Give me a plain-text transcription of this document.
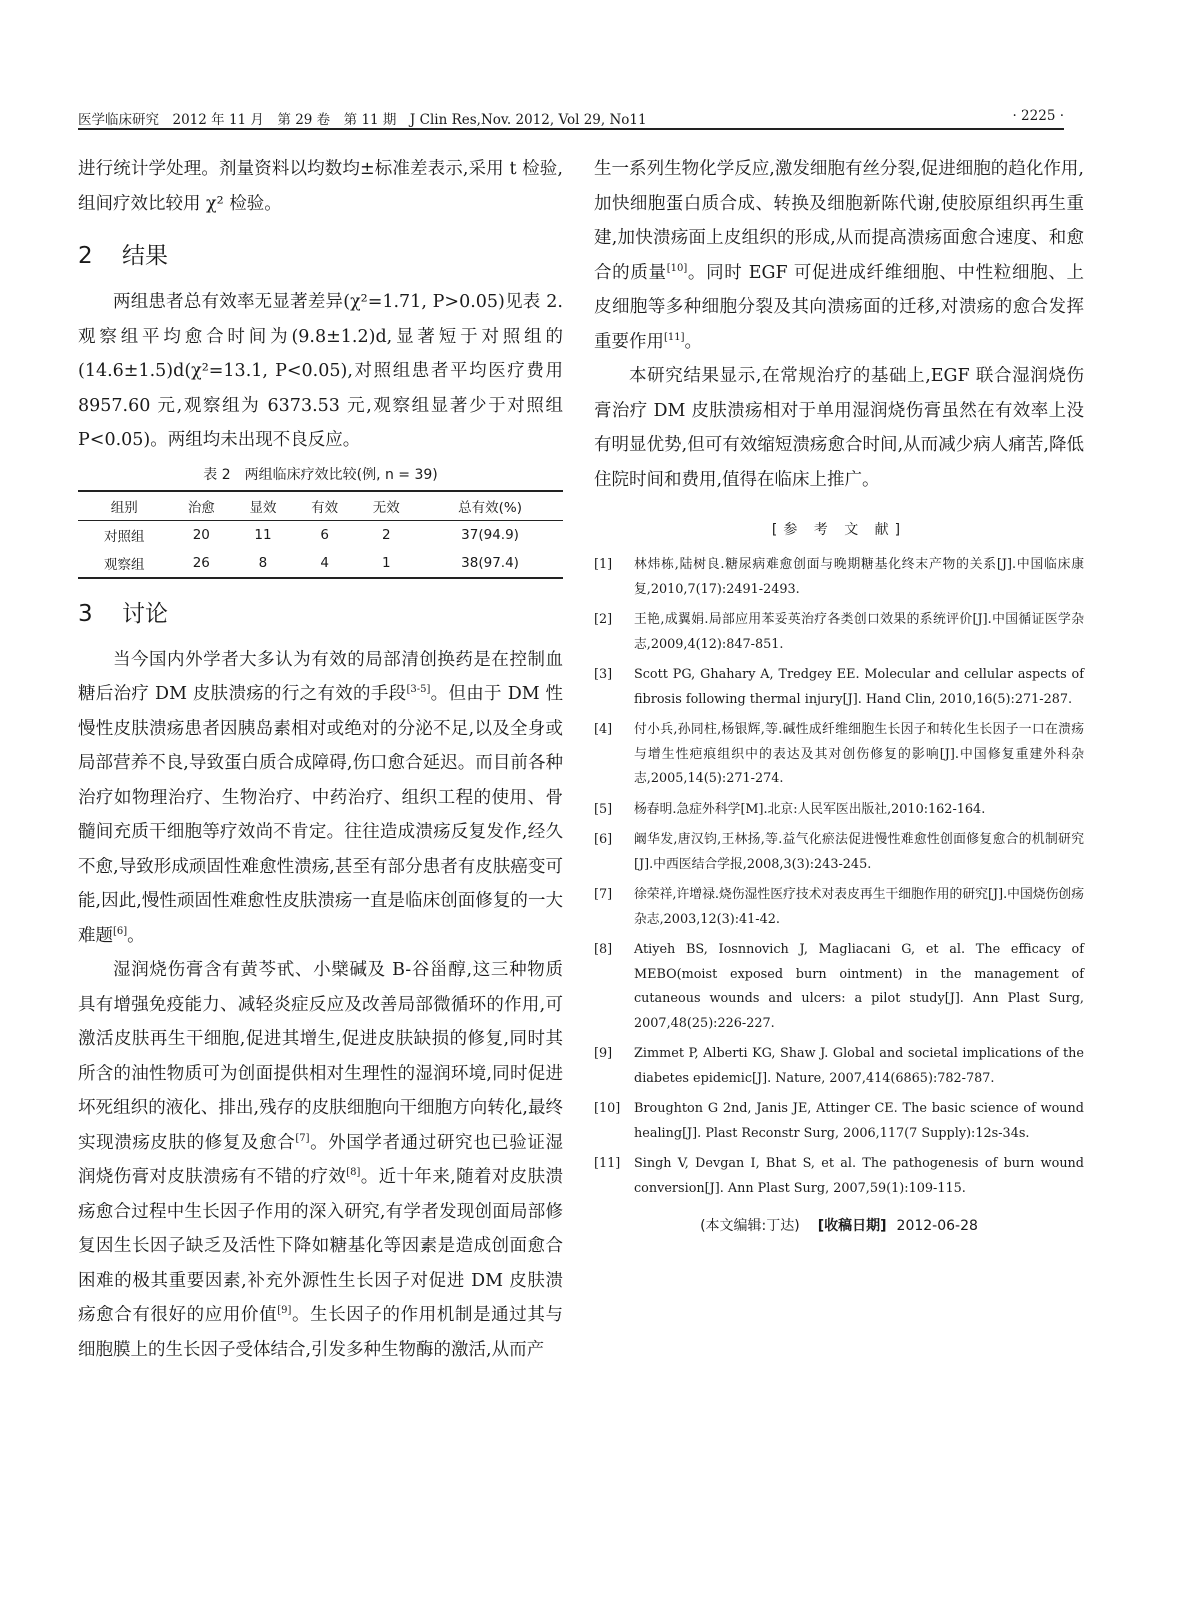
医学临床研究　2012 年 11 月　第 29 卷　第 11 期　J Clin Res,Nov. 2012, Vol 29, No11	· 2225 ·

进行统计学处理。剂量资料以均数均±标准差表示,采用 t 检验,组间疗效比较用 χ² 检验。

2 结果

两组患者总有效率无显著差异(χ²=1.71, P>0.05)见表 2.观察组平均愈合时间为(9.8±1.2)d,显著短于对照组的(14.6±1.5)d(χ²=13.1, P<0.05),对照组患者平均医疗费用 8957.60 元,观察组为 6373.53 元,观察组显著少于对照组 P<0.05)。两组均未出现不良反应。

表 2　两组临床疗效比较(例, n = 39)
组别	治愈	显效	有效	无效	总有效(%)
对照组	20	11	6	2	37(94.9)
观察组	26	8	4	1	38(97.4)
3 讨论

当今国内外学者大多认为有效的局部清创换药是在控制血糖后治疗 DM 皮肤溃疡的行之有效的手段[3-5]。但由于 DM 性慢性皮肤溃疡患者因胰岛素相对或绝对的分泌不足,以及全身或局部营养不良,导致蛋白质合成障碍,伤口愈合延迟。而目前各种治疗如物理治疗、生物治疗、中药治疗、组织工程的使用、骨髓间充质干细胞等疗效尚不肯定。往往造成溃疡反复发作,经久不愈,导致形成顽固性难愈性溃疡,甚至有部分患者有皮肤癌变可能,因此,慢性顽固性难愈性皮肤溃疡一直是临床创面修复的一大难题[6]。

湿润烧伤膏含有黄芩甙、小檗碱及 B-谷甾醇,这三种物质具有增强免疫能力、减轻炎症反应及改善局部微循环的作用,可激活皮肤再生干细胞,促进其增生,促进皮肤缺损的修复,同时其所含的油性物质可为创面提供相对生理性的湿润环境,同时促进坏死组织的液化、排出,残存的皮肤细胞向干细胞方向转化,最终实现溃疡皮肤的修复及愈合[7]。外国学者通过研究也已验证湿润烧伤膏对皮肤溃疡有不错的疗效[8]。近十年来,随着对皮肤溃疡愈合过程中生长因子作用的深入研究,有学者发现创面局部修复因生长因子缺乏及活性下降如糖基化等因素是造成创面愈合困难的极其重要因素,补充外源性生长因子对促进 DM 皮肤溃疡愈合有很好的应用价值[9]。生长因子的作用机制是通过其与细胞膜上的生长因子受体结合,引发多种生物酶的激活,从而产

生一系列生物化学反应,激发细胞有丝分裂,促进细胞的趋化作用,加快细胞蛋白质合成、转换及细胞新陈代谢,使胶原组织再生重建,加快溃疡面上皮组织的形成,从而提高溃疡面愈合速度、和愈合的质量[10]。同时 EGF 可促进成纤维细胞、中性粒细胞、上皮细胞等多种细胞分裂及其向溃疡面的迁移,对溃疡的愈合发挥重要作用[11]。

本研究结果显示,在常规治疗的基础上,EGF 联合湿润烧伤膏治疗 DM 皮肤溃疡相对于单用湿润烧伤膏虽然在有效率上没有明显优势,但可有效缩短溃疡愈合时间,从而减少病人痛苦,降低住院时间和费用,值得在临床上推广。

[参 考 文 献]
[1] 林炜栋,陆树良.糖尿病难愈创面与晚期糖基化终末产物的关系[J].中国临床康复,2010,7(17):2491-2493.
[2] 王艳,成翼娟.局部应用苯妥英治疗各类创口效果的系统评价[J].中国循证医学杂志,2009,4(12):847-851.
[3] Scott PG, Ghahary A, Tredgey EE. Molecular and cellular aspects of fibrosis following thermal injury[J]. Hand Clin, 2010,16(5):271-287.
[4] 付小兵,孙同柱,杨银辉,等.碱性成纤维细胞生长因子和转化生长因子一口在溃疡与增生性疤痕组织中的表达及其对创伤修复的影响[J].中国修复重建外科杂志,2005,14(5):271-274.
[5] 杨春明.急症外科学[M].北京:人民军医出版社,2010:162-164.
[6] 阚华发,唐汉钧,王林扬,等.益气化瘀法促进慢性难愈性创面修复愈合的机制研究[J].中西医结合学报,2008,3(3):243-245.
[7] 徐荣祥,许增禄.烧伤湿性医疗技术对表皮再生干细胞作用的研究[J].中国烧伤创疡杂志,2003,12(3):41-42.
[8] Atiyeh BS, Iosnnovich J, Magliacani G, et al. The efficacy of MEBO(moist exposed burn ointment) in the management of cutaneous wounds and ulcers: a pilot study[J]. Ann Plast Surg, 2007,48(25):226-227.
[9] Zimmet P, Alberti KG, Shaw J. Global and societal implications of the diabetes epidemic[J]. Nature, 2007,414(6865):782-787.
[10] Broughton G 2nd, Janis JE, Attinger CE. The basic science of wound healing[J]. Plast Reconstr Surg, 2006,117(7 Supply):12s-34s.
[11] Singh V, Devgan I, Bhat S, et al. The pathogenesis of burn wound conversion[J]. Ann Plast Surg, 2007,59(1):109-115.
(本文编辑:丁达) [收稿日期] 2012-06-28
